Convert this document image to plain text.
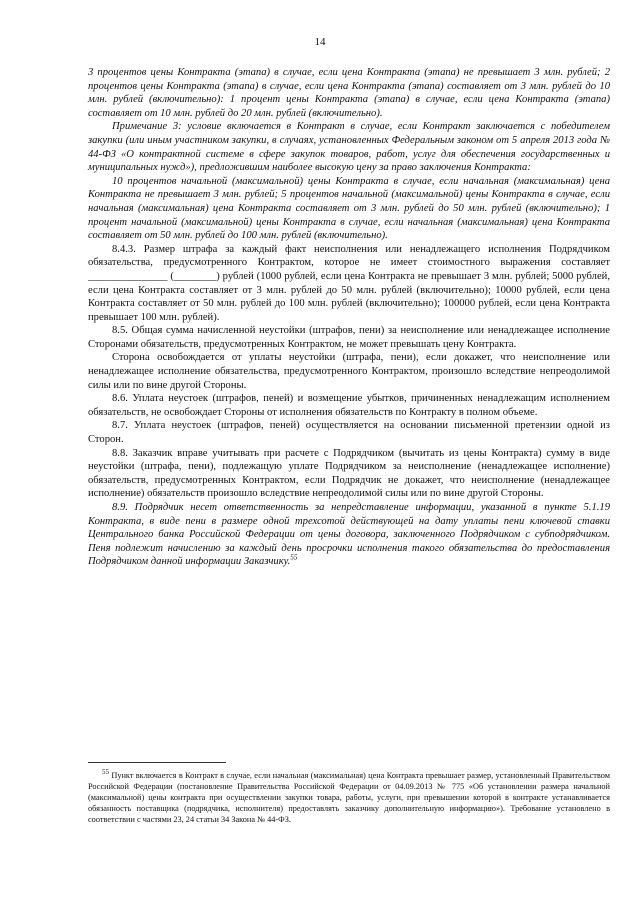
14

3 процентов цены Контракта (этапа) в случае, если цена Контракта (этапа) не превышает 3 млн. рублей; 2 процентов цены Контракта (этапа) в случае, если цена Контракта (этапа) составляет от 3 млн. рублей до 10 млн. рублей (включительно): 1 процент цены Контракта (этапа) в случае, если цена Контракта (этапа) составляет от 10 млн. рублей до 20 млн. рублей (включительно).

Примечание 3: условие включается в Контракт в случае, если Контракт заключается с победителем закупки (или иным участником закупки, в случаях, установленных Федеральным законом от 5 апреля 2013 года № 44-ФЗ «О контрактной системе в сфере закупок товаров, работ, услуг для обеспечения государственных и муниципальных нужд»), предложившим наиболее высокую цену за право заключения Контракта:

10 процентов начальной (максимальной) цены Контракта в случае, если начальная (максимальная) цена Контракта не превышает 3 млн. рублей; 5 процентов начальной (максимальной) цены Контракта в случае, если начальная (максимальная) цена Контракта составляет от 3 млн. рублей до 50 млн. рублей (включительно); 1 процент начальной (максимальной) цены Контракта в случае, если начальная (максимальная) цена Контракта составляет от 50 млн. рублей до 100 млн. рублей (включительно).

8.4.3. Размер штрафа за каждый факт неисполнения или ненадлежащего исполнения Подрядчиком обязательства, предусмотренного Контрактом, которое не имеет стоимостного выражения составляет _______________ (________) рублей (1000 рублей, если цена Контракта не превышает 3 млн. рублей; 5000 рублей, если цена Контракта составляет от 3 млн. рублей до 50 млн. рублей (включительно); 10000 рублей, если цена Контракта составляет от 50 млн. рублей до 100 млн. рублей (включительно); 100000 рублей, если цена Контракта превышает 100 млн. рублей).

8.5. Общая сумма начисленной неустойки (штрафов, пени) за неисполнение или ненадлежащее исполнение Сторонами обязательств, предусмотренных Контрактом, не может превышать цену Контракта.

Сторона освобождается от уплаты неустойки (штрафа, пени), если докажет, что неисполнение или ненадлежащее исполнение обязательства, предусмотренного Контрактом, произошло вследствие непреодолимой силы или по вине другой Стороны.

8.6. Уплата неустоек (штрафов, пеней) и возмещение убытков, причиненных ненадлежащим исполнением обязательств, не освобождает Стороны от исполнения обязательств по Контракту в полном объеме.

8.7. Уплата неустоек (штрафов, пеней) осуществляется на основании письменной претензии одной из Сторон.

8.8. Заказчик вправе учитывать при расчете с Подрядчиком (вычитать из цены Контракта) сумму в виде неустойки (штрафа, пени), подлежащую уплате Подрядчиком за неисполнение (ненадлежащее исполнение) обязательств, предусмотренных Контрактом, если Подрядчик не докажет, что неисполнение (ненадлежащее исполнение) обязательств произошло вследствие непреодолимой силы или по вине другой Стороны.

8.9. Подрядчик несет ответственность за непредставление информации, указанной в пункте 5.1.19 Контракта, в виде пени в размере одной трехсотой действующей на дату уплаты пени ключевой ставки Центрального банка Российской Федерации от цены договора, заключенного Подрядчиком с субподрядчиком. Пеня подлежит начислению за каждый день просрочки исполнения такого обязательства до предоставления Подрядчиком данной информации Заказчику.$^{55}$

$^{55}$ Пункт включается в Контракт в случае, если начальная (максимальная) цена Контракта превышает размер, установленный Правительством Российской Федерации (постановление Правительства Российской Федерации от 04.09.2013 № 775 «Об установлении размера начальной (максимальной) цены контракта при осуществлении закупки товара, работы, услуги, при превышении которой в контракте устанавливается обязанность поставщика (подрядчика, исполнителя) предоставлять заказчику дополнительную информацию»). Требование установлено в соответствии с частями 23, 24 статьи 34 Закона № 44-ФЗ.
